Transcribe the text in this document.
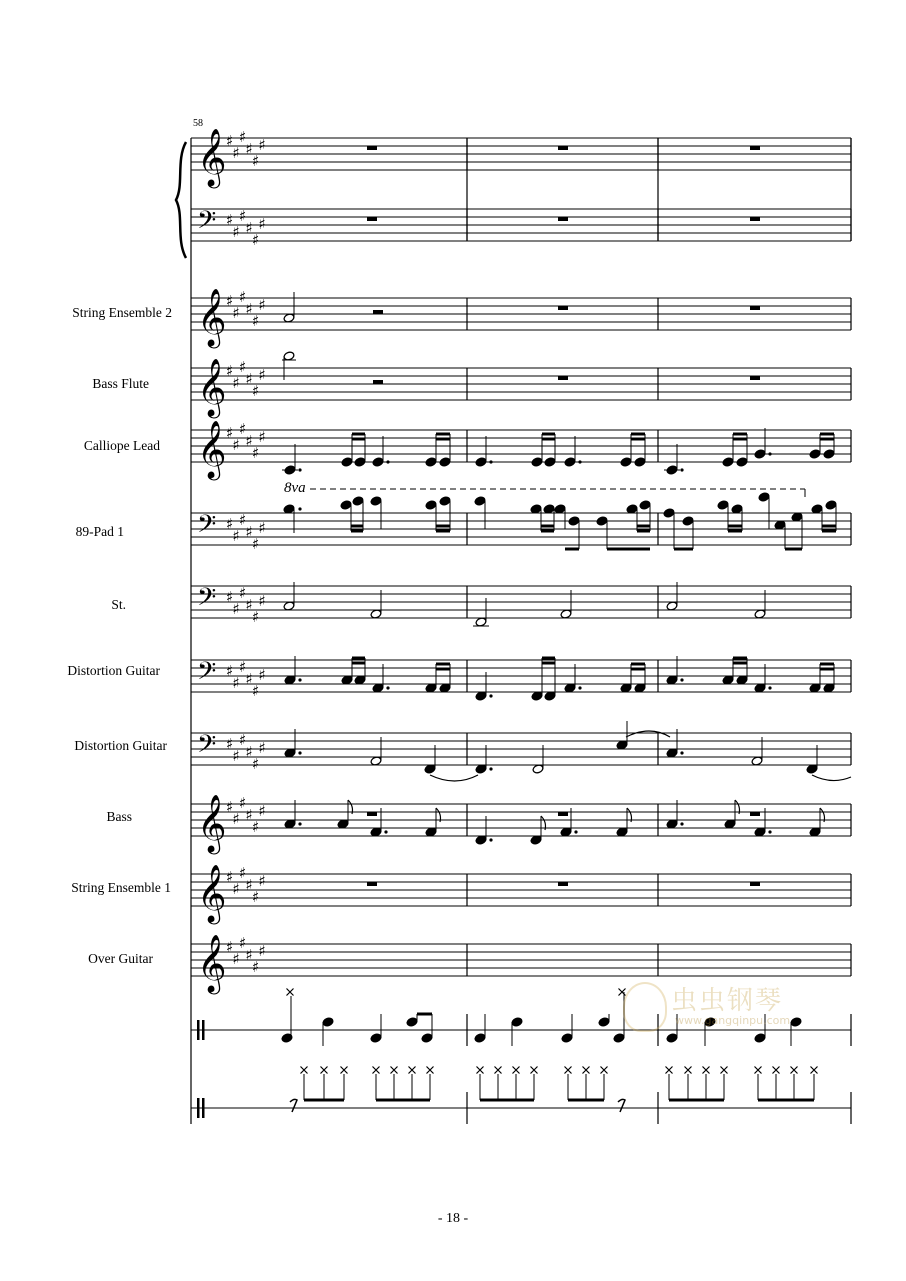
𝄞 ♯
♯
♯
♯
♯
♯
𝄢 ♯
♯
♯
♯
♯
♯
𝄞 ♯
♯
♯
♯
♯
♯
𝄞 ♯
♯
♯
♯
♯
♯
𝄞 ♯
♯
♯
♯
♯
♯
𝄢 ♯
♯
♯
♯
♯
♯
𝄢 ♯
♯
♯
♯
♯
♯
𝄢 ♯
♯
♯
♯
♯
♯
𝄢 ♯
♯
♯
♯
♯
♯
𝄞 ♯
♯
♯
♯
♯
♯
𝄞 ♯
♯
♯
♯
♯
♯
𝄞 ♯
♯
♯
♯
♯
♯
8va
58
String Ensemble 2
Bass Flute
Calliope Lead
89-Pad 1
St.
Distortion Guitar
Distortion Guitar
Bass
String Ensemble 1
Over Guitar
虫虫钢琴
www.gangqinpu.com
- 18 -
